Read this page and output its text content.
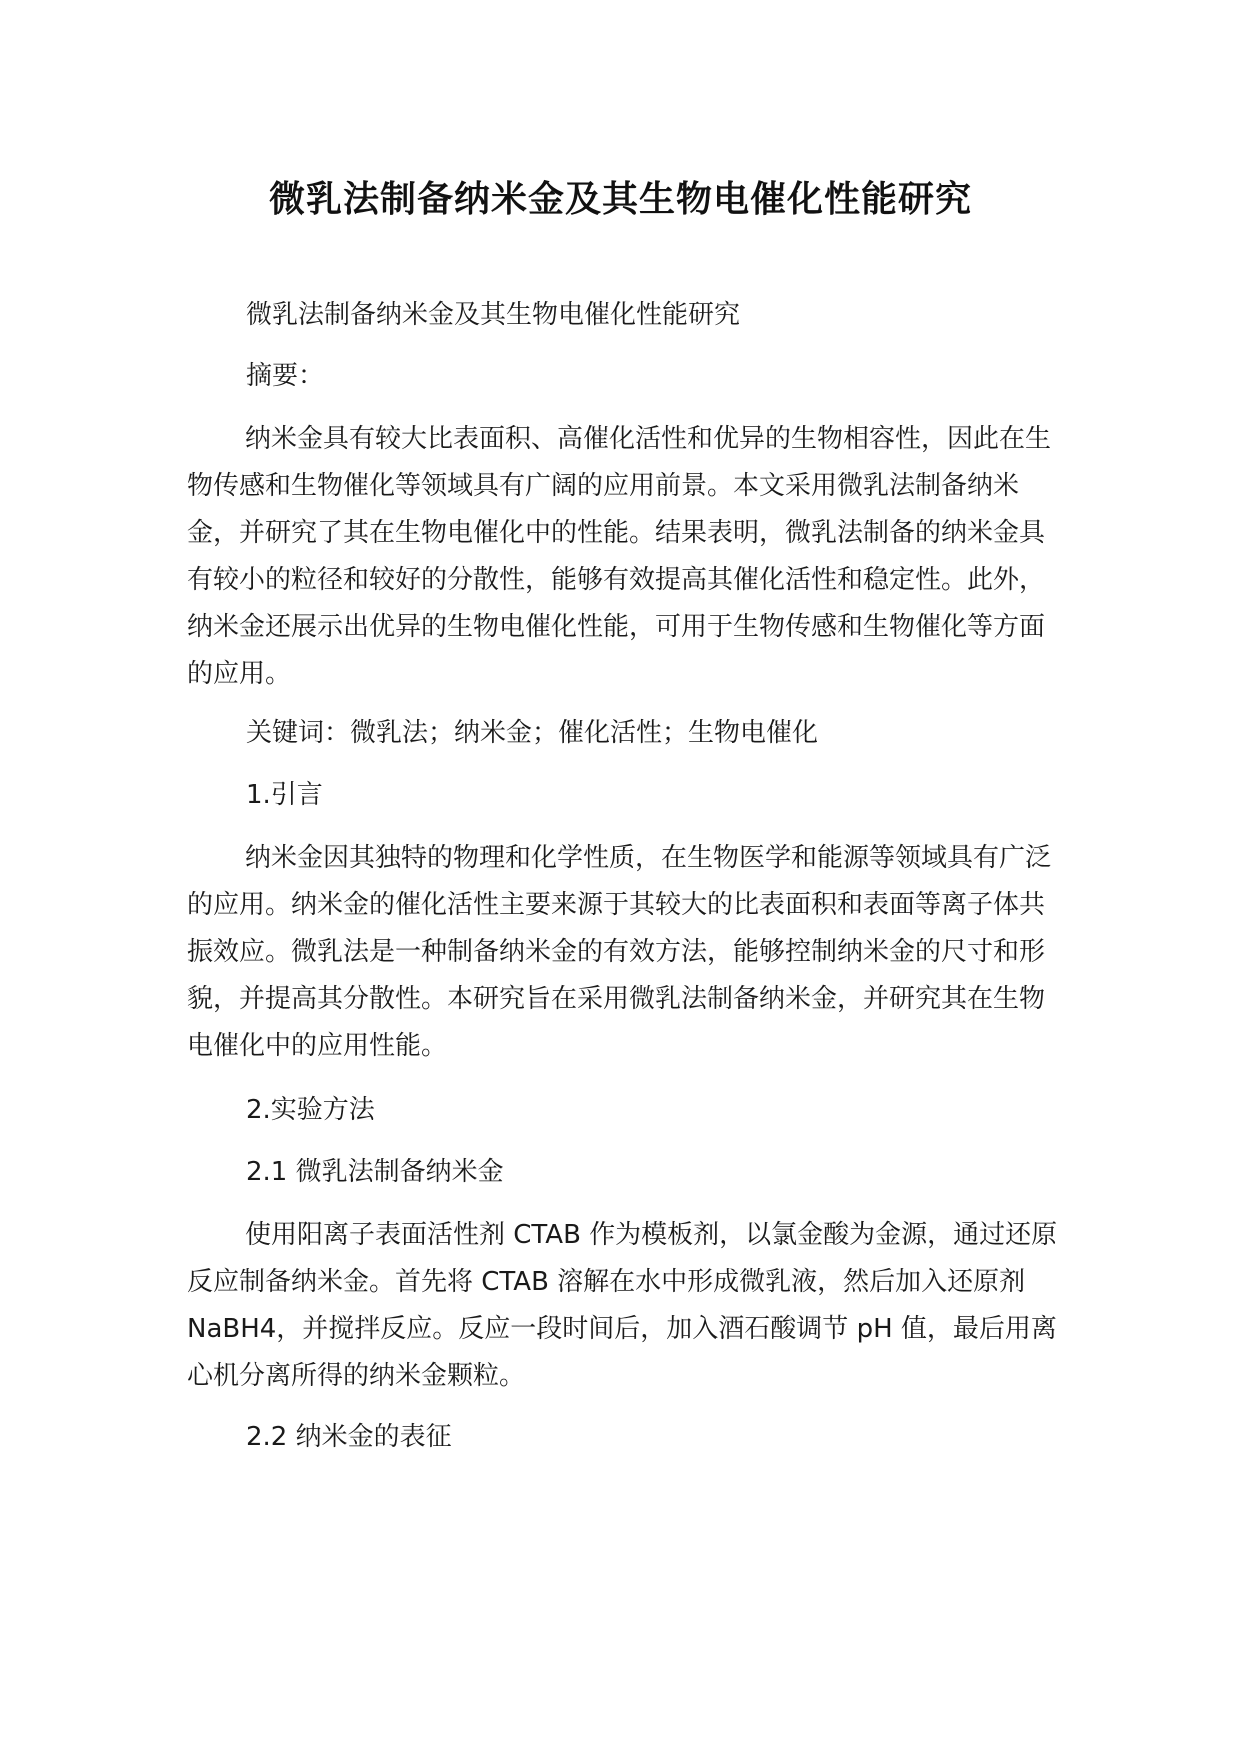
微乳法制备纳米金及其生物电催化性能研究

微乳法制备纳米金及其生物电催化性能研究

摘要：

纳米金具有较大比表面积、高催化活性和优异的生物相容性，因此在生物传感和生物催化等领域具有广阔的应用前景。本文采用微乳法制备纳米金，并研究了其在生物电催化中的性能。结果表明，微乳法制备的纳米金具有较小的粒径和较好的分散性，能够有效提高其催化活性和稳定性。此外，纳米金还展示出优异的生物电催化性能，可用于生物传感和生物催化等方面的应用。

关键词：微乳法；纳米金；催化活性；生物电催化

1.引言

纳米金因其独特的物理和化学性质，在生物医学和能源等领域具有广泛的应用。纳米金的催化活性主要来源于其较大的比表面积和表面等离子体共振效应。微乳法是一种制备纳米金的有效方法，能够控制纳米金的尺寸和形貌，并提高其分散性。本研究旨在采用微乳法制备纳米金，并研究其在生物电催化中的应用性能。

2.实验方法

2.1 微乳法制备纳米金

使用阳离子表面活性剂 CTAB 作为模板剂，以氯金酸为金源，通过还原反应制备纳米金。首先将 CTAB 溶解在水中形成微乳液，然后加入还原剂 NaBH4，并搅拌反应。反应一段时间后，加入酒石酸调节 pH 值，最后用离心机分离所得的纳米金颗粒。

2.2 纳米金的表征
